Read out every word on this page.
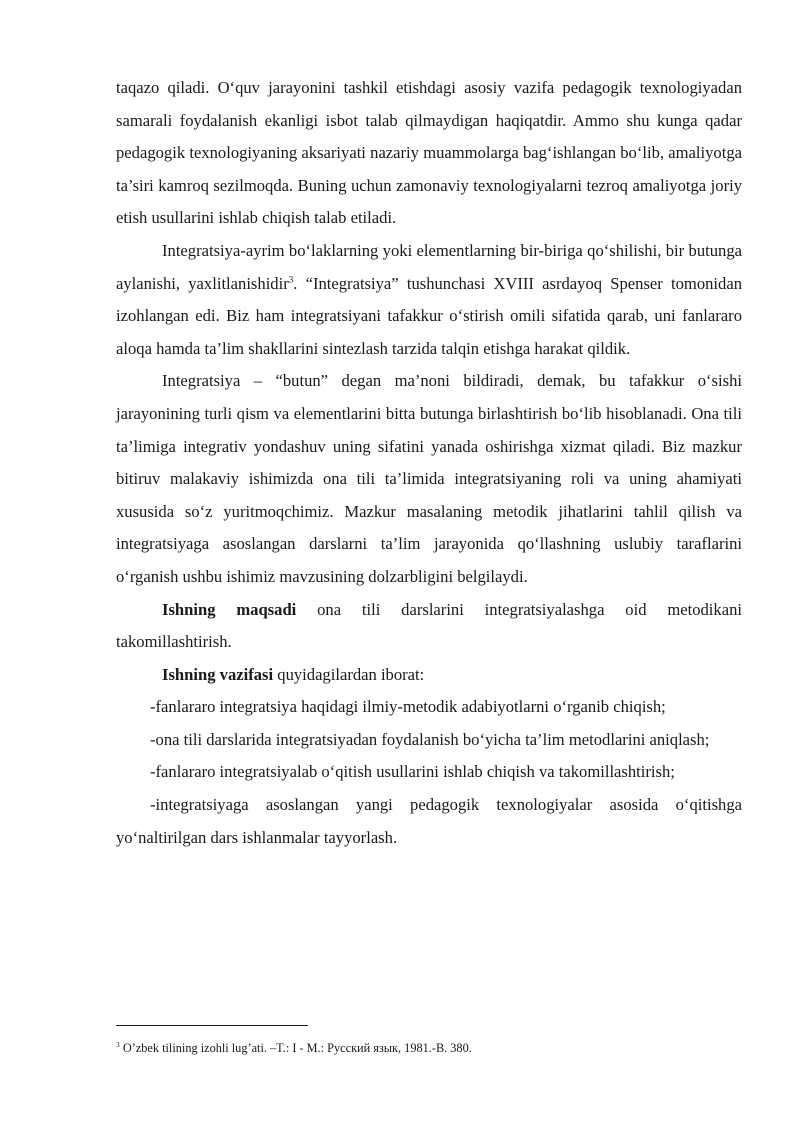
taqazo qiladi. O‘quv jarayonini tashkil etishdagi asosiy vazifa pedagogik texnologiyadan samarali foydalanish ekanligi isbot talab qilmaydigan haqiqatdir. Ammo shu kunga qadar pedagogik texnologiyaning aksariyati nazariy muammolarga bag‘ishlangan bo‘lib, amaliyotga ta’siri kamroq sezilmoqda. Buning uchun zamonaviy texnologiyalarni tezroq amaliyotga joriy etish usullarini ishlab chiqish talab etiladi.

Integratsiya-ayrim bo‘laklarning yoki elementlarning bir-biriga qo‘shilishi, bir butunga aylanishi, yaxlitlanishidir$^3$. “Integratsiya” tushunchasi XVIII asrdayoq Spenser tomonidan izohlangan edi. Biz ham integratsiyani tafakkur o‘stirish omili sifatida qarab, uni fanlararo aloqa hamda ta’lim shakllarini sintezlash tarzida talqin etishga harakat qildik.

Integratsiya – “butun” degan ma’noni bildiradi, demak, bu tafakkur o‘sishi jarayonining turli qism va elementlarini bitta butunga birlashtirish bo‘lib hisoblanadi. Ona tili ta’limiga integrativ yondashuv uning sifatini yanada oshirishga xizmat qiladi. Biz mazkur bitiruv malakaviy ishimizda ona tili ta’limida integratsiyaning roli va uning ahamiyati xususida so‘z yuritmoqchimiz. Mazkur masalaning metodik jihatlarini tahlil qilish va integratsiyaga asoslangan darslarni ta’lim jarayonida qo‘llashning uslubiy taraflarini o‘rganish ushbu ishimiz mavzusining dolzarbligini belgilaydi.

Ishning maqsadi ona tili darslarini integratsiyalashga oid metodikani takomillashtirish.

Ishning vazifasi quyidagilardan iborat:

-fanlararo integratsiya haqidagi ilmiy-metodik adabiyotlarni o‘rganib chiqish;

-ona tili darslarida integratsiyadan foydalanish bo‘yicha ta’lim metodlarini aniqlash;

-fanlararo integratsiyalab o‘qitish usullarini ishlab chiqish va takomillashtirish;

-integratsiyaga asoslangan yangi pedagogik texnologiyalar asosida o‘qitishga yo‘naltirilgan dars ishlanmalar tayyorlash.

$^3$ O’zbek tilining izohli lug’ati. –T.: I - M.: Русский язык, 1981.-B. 380.
